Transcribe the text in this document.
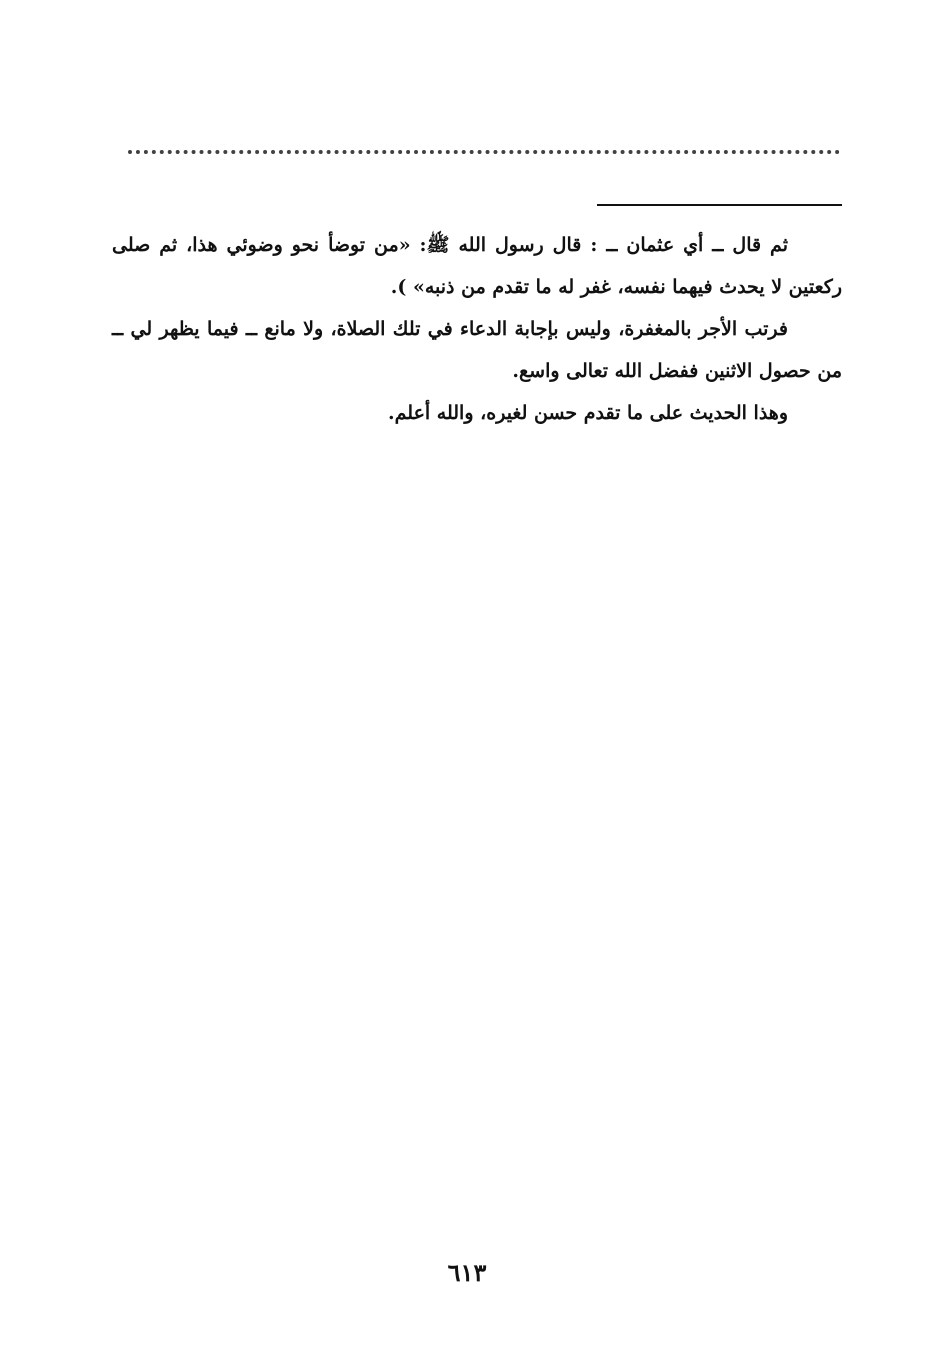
ثم قال ــ أي عثمان ــ : قال رسول الله ﷺ: «من توضأ نحو وضوئي هذا، ثم صلى ركعتين لا يحدث فيهما نفسه، غفر له ما تقدم من ذنبه» ).

فرتب الأجر بالمغفرة، وليس بإجابة الدعاء في تلك الصلاة، ولا مانع ــ فيما يظهر لي ــ من حصول الاثنين ففضل الله تعالى واسع.

وهذا الحديث على ما تقدم حسن لغيره، والله أعلم.

٦١٣
